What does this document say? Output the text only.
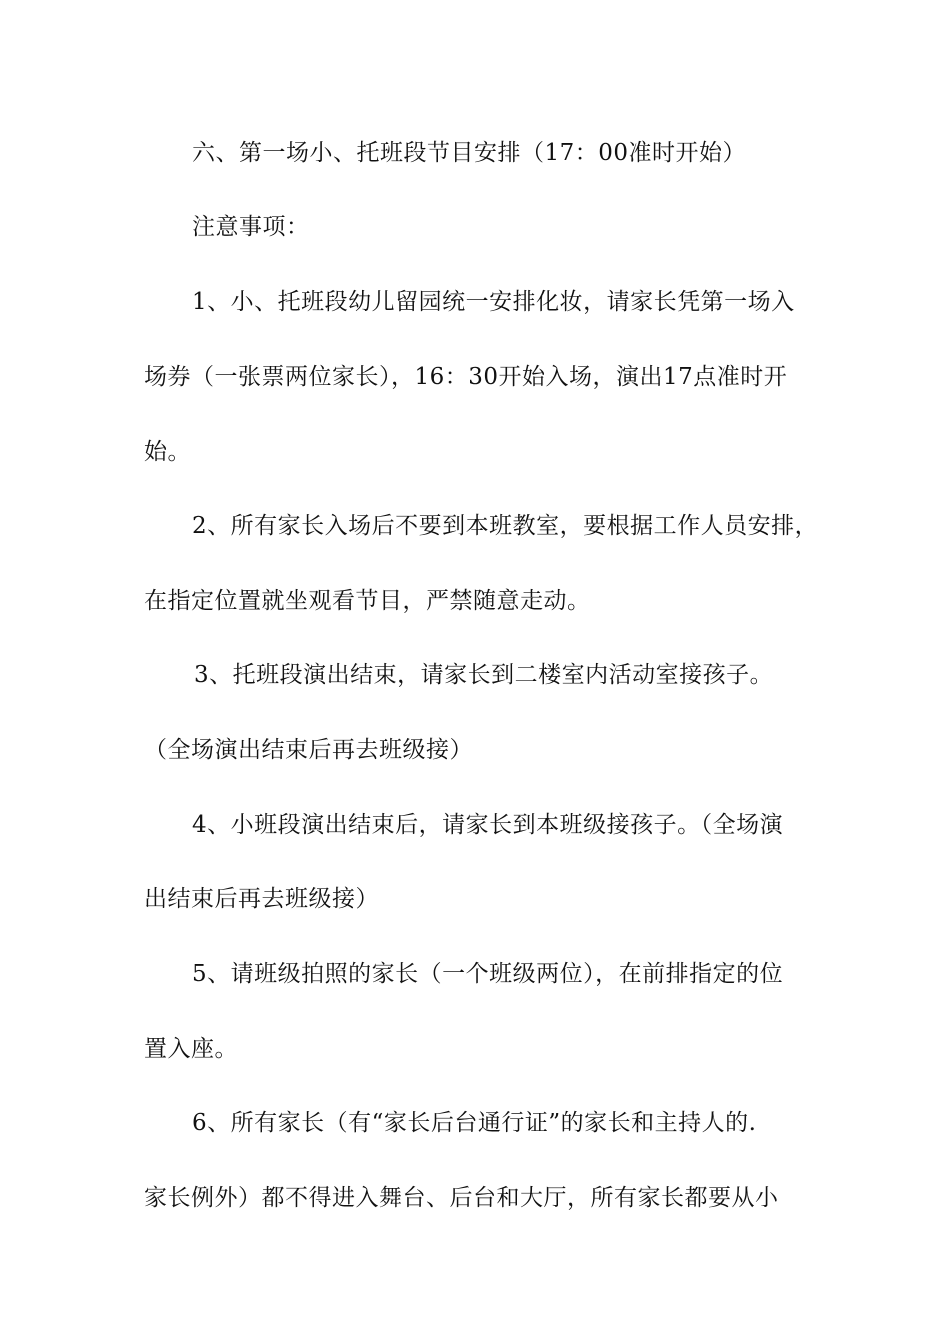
六、第一场小、托班段节目安排（17：00准时开始）
注意事项：
1、小、托班段幼儿留园统一安排化妆，请家长凭第一场入
场券（一张票两位家长），16：30开始入场，演出17点准时开
始。
2、所有家长入场后不要到本班教室，要根据工作人员安排，
在指定位置就坐观看节目，严禁随意走动。
3、托班段演出结束，请家长到二楼室内活动室接孩子。
（全场演出结束后再去班级接）
4、小班段演出结束后，请家长到本班级接孩子。（全场演
出结束后再去班级接）
5、请班级拍照的家长（一个班级两位），在前排指定的位
置入座。
6、所有家长（有“家长后台通行证”的家长和主持人的.
家长例外）都不得进入舞台、后台和大厅，所有家长都要从小
